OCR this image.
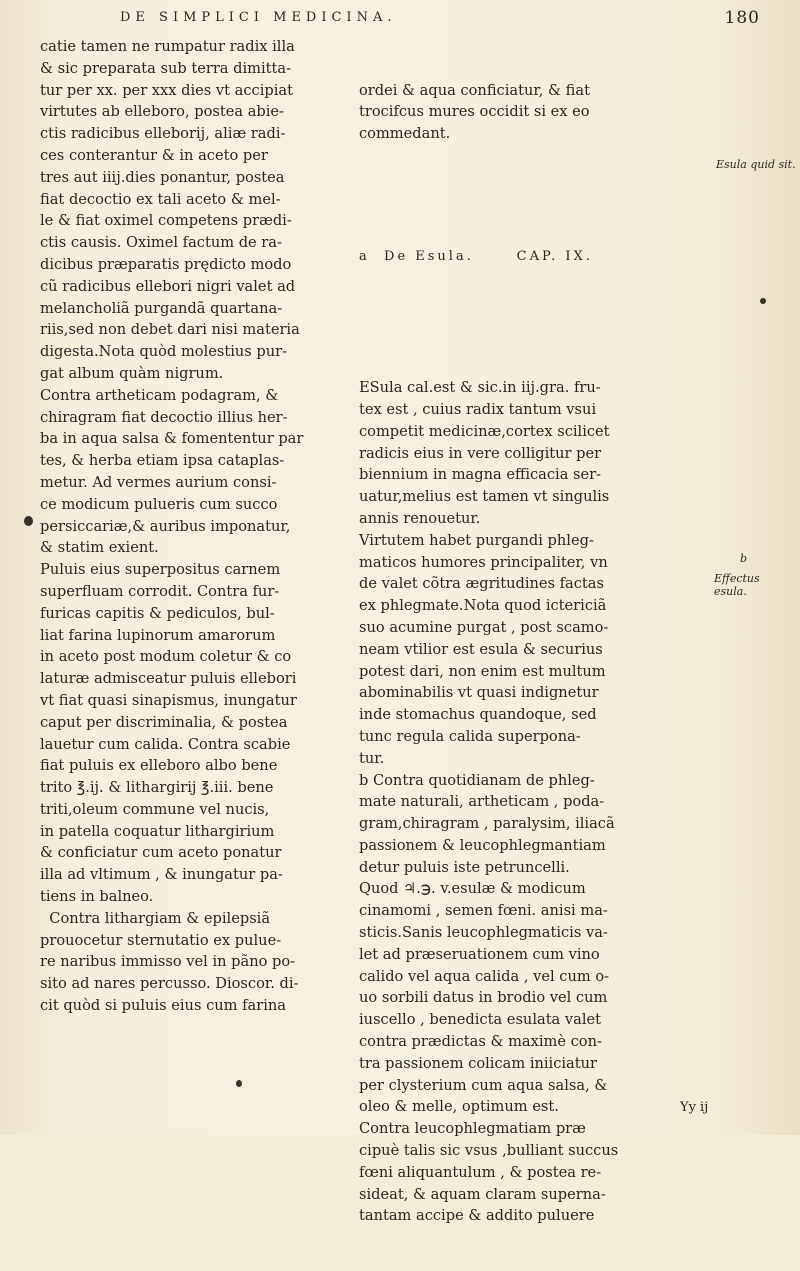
DE SIMPLICI MEDICINA.	180
catie tamen ne rumpatur radix illa
& sic preparata sub terra dimitta-
tur per xx. per xxx dies vt accipiat
virtutes ab elleboro, postea abie-
ctis radicibus elleborij, aliæ radi-
ces conterantur & in aceto per
tres aut iiij.dies ponantur, postea
fiat decoctio ex tali aceto & mel-
le & fiat oximel competens prædi-
ctis causis. Oximel factum de ra-
dicibus præparatis prędicto modo
cũ radicibus ellebori nigri valet ad
melancholiã purgandã quartana-
riis,sed non debet dari nisi materia
digesta.Nota quòd molestius pur-
gat album quàm nigrum.
Contra artheticam podagram, &
chiragram fiat decoctio illius her-
ba in aqua salsa & fomententur par
tes, & herba etiam ipsa cataplas-
metur. Ad vermes aurium consi-
ce modicum pulueris cum succo
persiccariæ,& auribus imponatur,
& statim exient.
Puluis eius superpositus carnem
superfluam corrodit. Contra fur-
furicas capitis & pediculos, bul-
liat farina lupinorum amarorum
in aceto post modum coletur & co
laturæ admisceatur puluis ellebori
vt fiat quasi sinapismus, inungatur
caput per discriminalia, & postea
lauetur cum calida. Contra scabie
fiat puluis ex elleboro albo bene
trito ℥.ij. & lithargirij ℥.iii. bene
triti,oleum commune vel nucis,
in patella coquatur lithargirium
& conficiatur cum aceto ponatur
illa ad vltimum , & inungatur pa-
tiens in balneo.
Contra lithargiam & epilepsiã
prouocetur sternutatio ex pulue-
re naribus immisso vel in pãno po-
sito ad nares percusso. Dioscor. di-
cit quòd si puluis eius cum farina

ordei & aqua conficiatur, & fiat
trocifcus mures occidit si ex eo
commedant.

a  De Esula.      CAP. IX.

ESula cal.est & sic.in iij.gra. fru-
tex est , cuius radix tantum vsui
competit medicinæ,cortex scilicet
radicis eius in vere colligitur per
biennium in magna efficacia ser-
uatur,melius est tamen vt singulis
annis renouetur.
Virtutem habet purgandi phleg-
maticos humores principaliter, vn
de valet cõtra ægritudines factas
ex phlegmate.Nota quod ictericiã
suo acumine purgat , post scamo-
neam vtilior est esula & securius
potest dari, non enim est multum
abominabilis vt quasi indignetur
inde stomachus quandoque, sed
tunc regula calida superpona-
tur.
b Contra quotidianam de phleg-
mate naturali, artheticam , poda-
gram,chiragram , paralysim, iliacã
passionem & leucophlegmantiam
detur puluis iste petruncelli.
Quod ♃.℈. v.esulæ & modicum
cinamomi , semen fœni. anisi ma-
sticis.Sanis leucophlegmaticis va-
let ad præseruationem cum vino
calido vel aqua calida , vel cum o-
uo sorbili datus in brodio vel cum
iuscello , benedicta esulata valet
contra prædictas & maximè con-
tra passionem colicam iniiciatur
per clysterium cum aqua salsa, &
oleo & melle, optimum est.
Contra leucophlegmatiam præ
cipuè talis sic vsus ,bulliant succus
fœni aliquantulum , & postea re-
sideat, & aquam claram superna-
tantam accipe & addito puluere

Esula quid sit.
b
Effectus esula.
Yy ij
